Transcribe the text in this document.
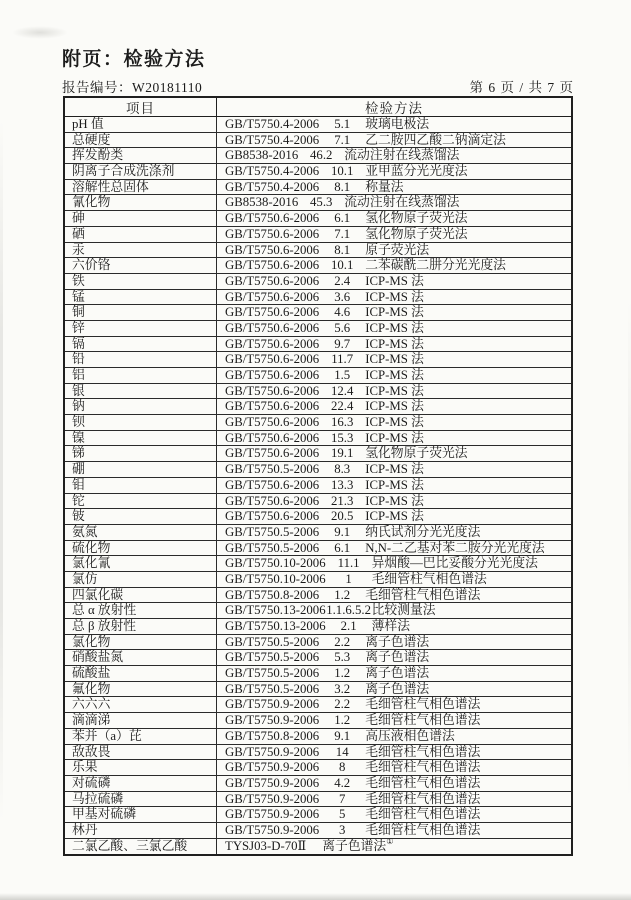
附页：检验方法
报告编号：W20181110	第 6 页 / 共 7 页
项目	检验方法
pH 值	GB/T5750.4-2006	5.1	玻璃电极法
总硬度	GB/T5750.4-2006	7.1	乙二胺四乙酸二钠滴定法
挥发酚类	GB8538-2016 46.2 流动注射在线蒸馏法
阴离子合成洗涤剂	GB/T5750.4-2006 10.1 亚甲蓝分光光度法
溶解性总固体	GB/T5750.4-2006	8.1	称量法
氰化物	GB8538-2016 45.3 流动注射在线蒸馏法
砷	GB/T5750.6-2006	6.1	氢化物原子荧光法
硒	GB/T5750.6-2006	7.1	氢化物原子荧光法
汞	GB/T5750.6-2006	8.1	原子荧光法
六价铬	GB/T5750.6-2006 10.1 二苯碳酰二肼分光光度法
铁	GB/T5750.6-2006	2.4	ICP-MS 法
锰	GB/T5750.6-2006	3.6	ICP-MS 法
铜	GB/T5750.6-2006	4.6	ICP-MS 法
锌	GB/T5750.6-2006	5.6	ICP-MS 法
镉	GB/T5750.6-2006	9.7	ICP-MS 法
铅	GB/T5750.6-2006 11.7 ICP-MS 法
铝	GB/T5750.6-2006	1.5	ICP-MS 法
银	GB/T5750.6-2006 12.4 ICP-MS 法
钠	GB/T5750.6-2006 22.4 ICP-MS 法
钡	GB/T5750.6-2006 16.3 ICP-MS 法
镍	GB/T5750.6-2006 15.3 ICP-MS 法
锑	GB/T5750.6-2006 19.1 氢化物原子荧光法
硼	GB/T5750.5-2006	8.3	ICP-MS 法
钼	GB/T5750.6-2006 13.3 ICP-MS 法
铊	GB/T5750.6-2006 21.3 ICP-MS 法
铍	GB/T5750.6-2006 20.5 ICP-MS 法
氨氮	GB/T5750.5-2006	9.1	纳氏试剂分光光度法
硫化物	GB/T5750.5-2006	6.1	N,N-二乙基对苯二胺分光光度法
氯化氰	GB/T5750.10-2006 11.1 异烟酸—巴比妥酸分光光度法
氯仿	GB/T5750.10-2006	1	毛细管柱气相色谱法
四氯化碳	GB/T5750.8-2006	1.2	毛细管柱气相色谱法
总 α 放射性	GB/T5750.13-2006 1.1.6.5.2 比较测量法
总 β 放射性	GB/T5750.13-2006	2.1	薄样法
氯化物	GB/T5750.5-2006	2.2	离子色谱法
硝酸盐氮	GB/T5750.5-2006	5.3	离子色谱法
硫酸盐	GB/T5750.5-2006	1.2	离子色谱法
氟化物	GB/T5750.5-2006	3.2	离子色谱法
六六六	GB/T5750.9-2006	2.2	毛细管柱气相色谱法
滴滴涕	GB/T5750.9-2006	1.2	毛细管柱气相色谱法
苯并（a）芘	GB/T5750.8-2006	9.1	高压液相色谱法
敌敌畏	GB/T5750.9-2006	14	毛细管柱气相色谱法
乐果	GB/T5750.9-2006	8	毛细管柱气相色谱法
对硫磷	GB/T5750.9-2006	4.2	毛细管柱气相色谱法
马拉硫磷	GB/T5750.9-2006	7	毛细管柱气相色谱法
甲基对硫磷	GB/T5750.9-2006	5	毛细管柱气相色谱法
林丹	GB/T5750.9-2006	3	毛细管柱气相色谱法
二氯乙酸、三氯乙酸	TYSJ03-D-70Ⅱ 离子色谱法 ①
